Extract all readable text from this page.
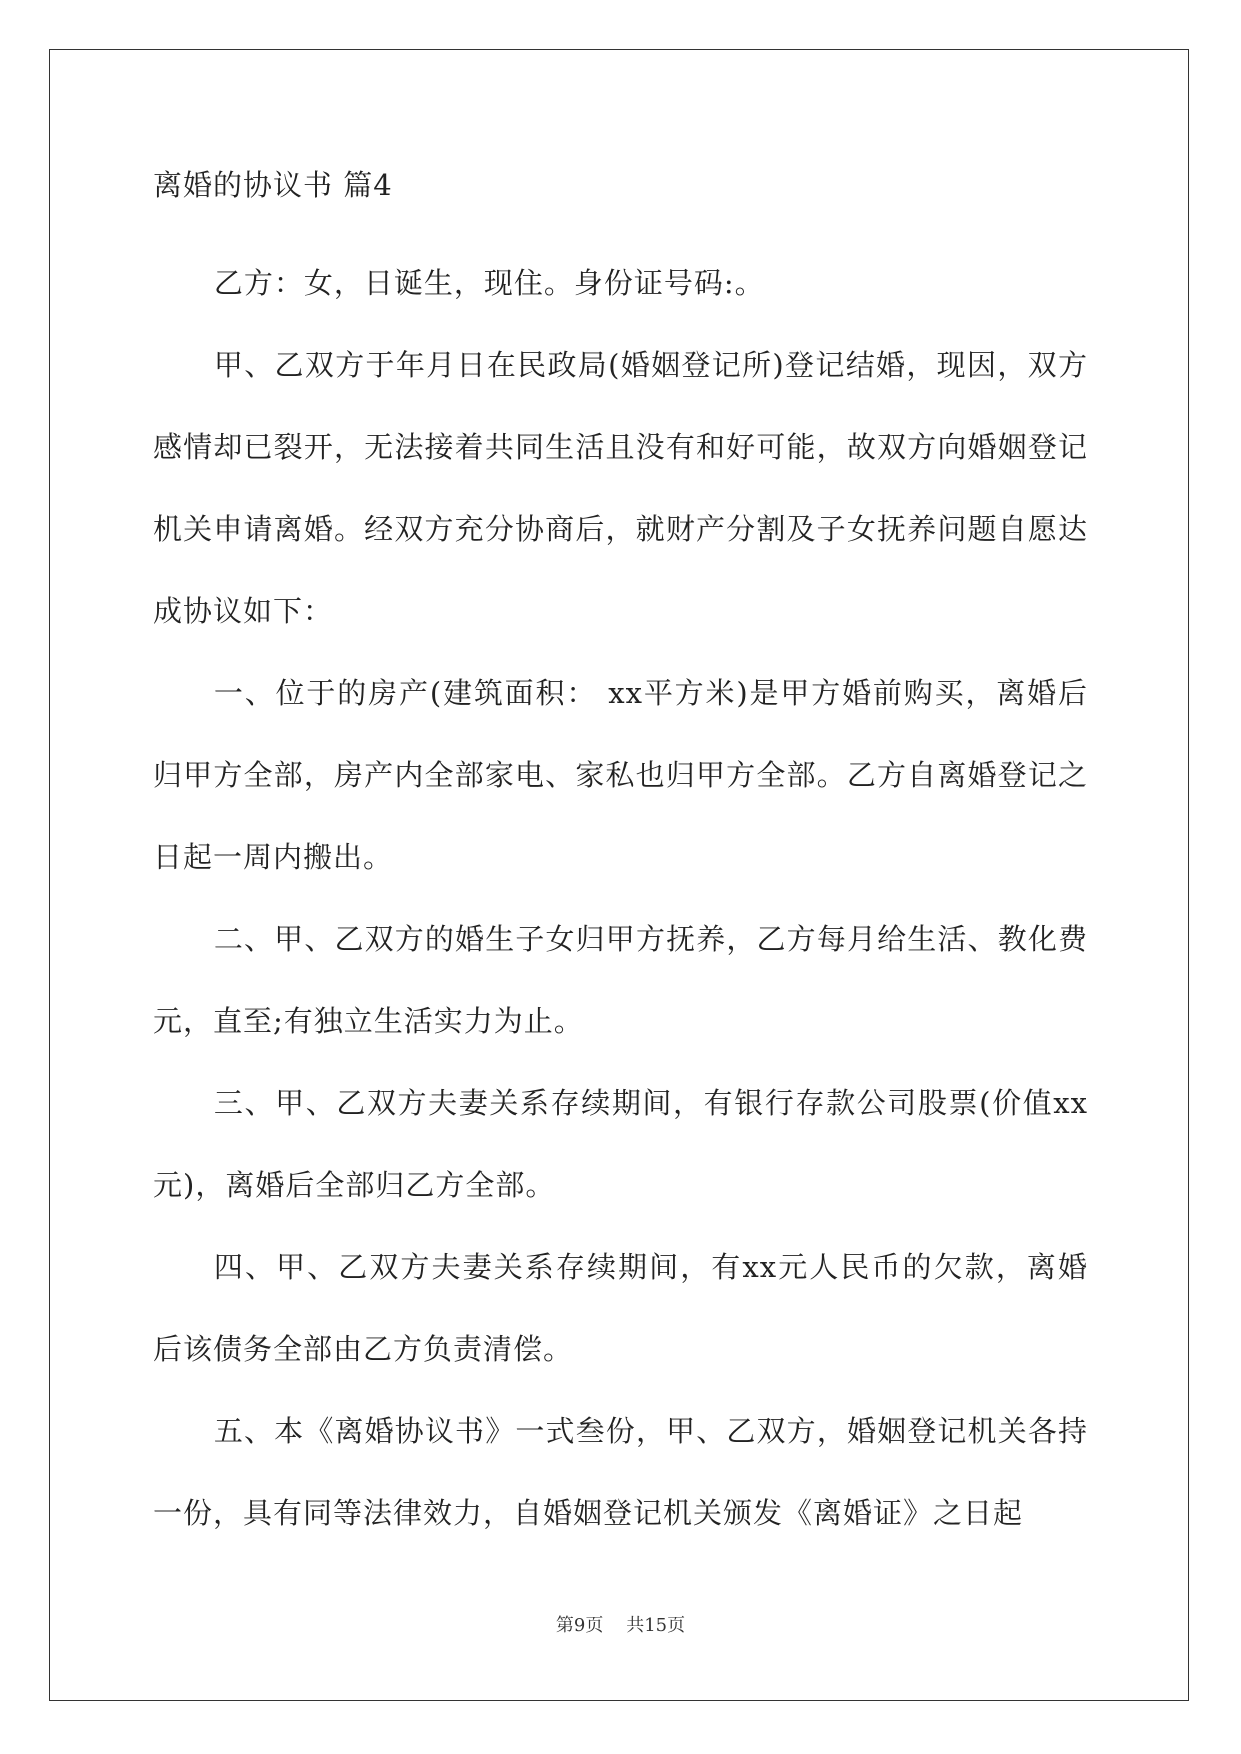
离婚的协议书 篇4

乙方：女，日诞生，现住。身份证号码:。

甲、乙双方于年月日在民政局(婚姻登记所)登记结婚，现因，双方感情却已裂开，无法接着共同生活且没有和好可能，故双方向婚姻登记机关申请离婚。经双方充分协商后，就财产分割及子女抚养问题自愿达成协议如下：

一、位于的房产(建筑面积： xx平方米)是甲方婚前购买，离婚后归甲方全部，房产内全部家电、家私也归甲方全部。乙方自离婚登记之日起一周内搬出。

二、甲、乙双方的婚生子女归甲方抚养，乙方每月给生活、教化费元，直至;有独立生活实力为止。

三、甲、乙双方夫妻关系存续期间，有银行存款公司股票(价值xx元)，离婚后全部归乙方全部。

四、甲、乙双方夫妻关系存续期间，有xx元人民币的欠款，离婚后该债务全部由乙方负责清偿。

五、本《离婚协议书》一式叁份，甲、乙双方，婚姻登记机关各持一份，具有同等法律效力，自婚姻登记机关颁发《离婚证》之日起

第9页    共15页
